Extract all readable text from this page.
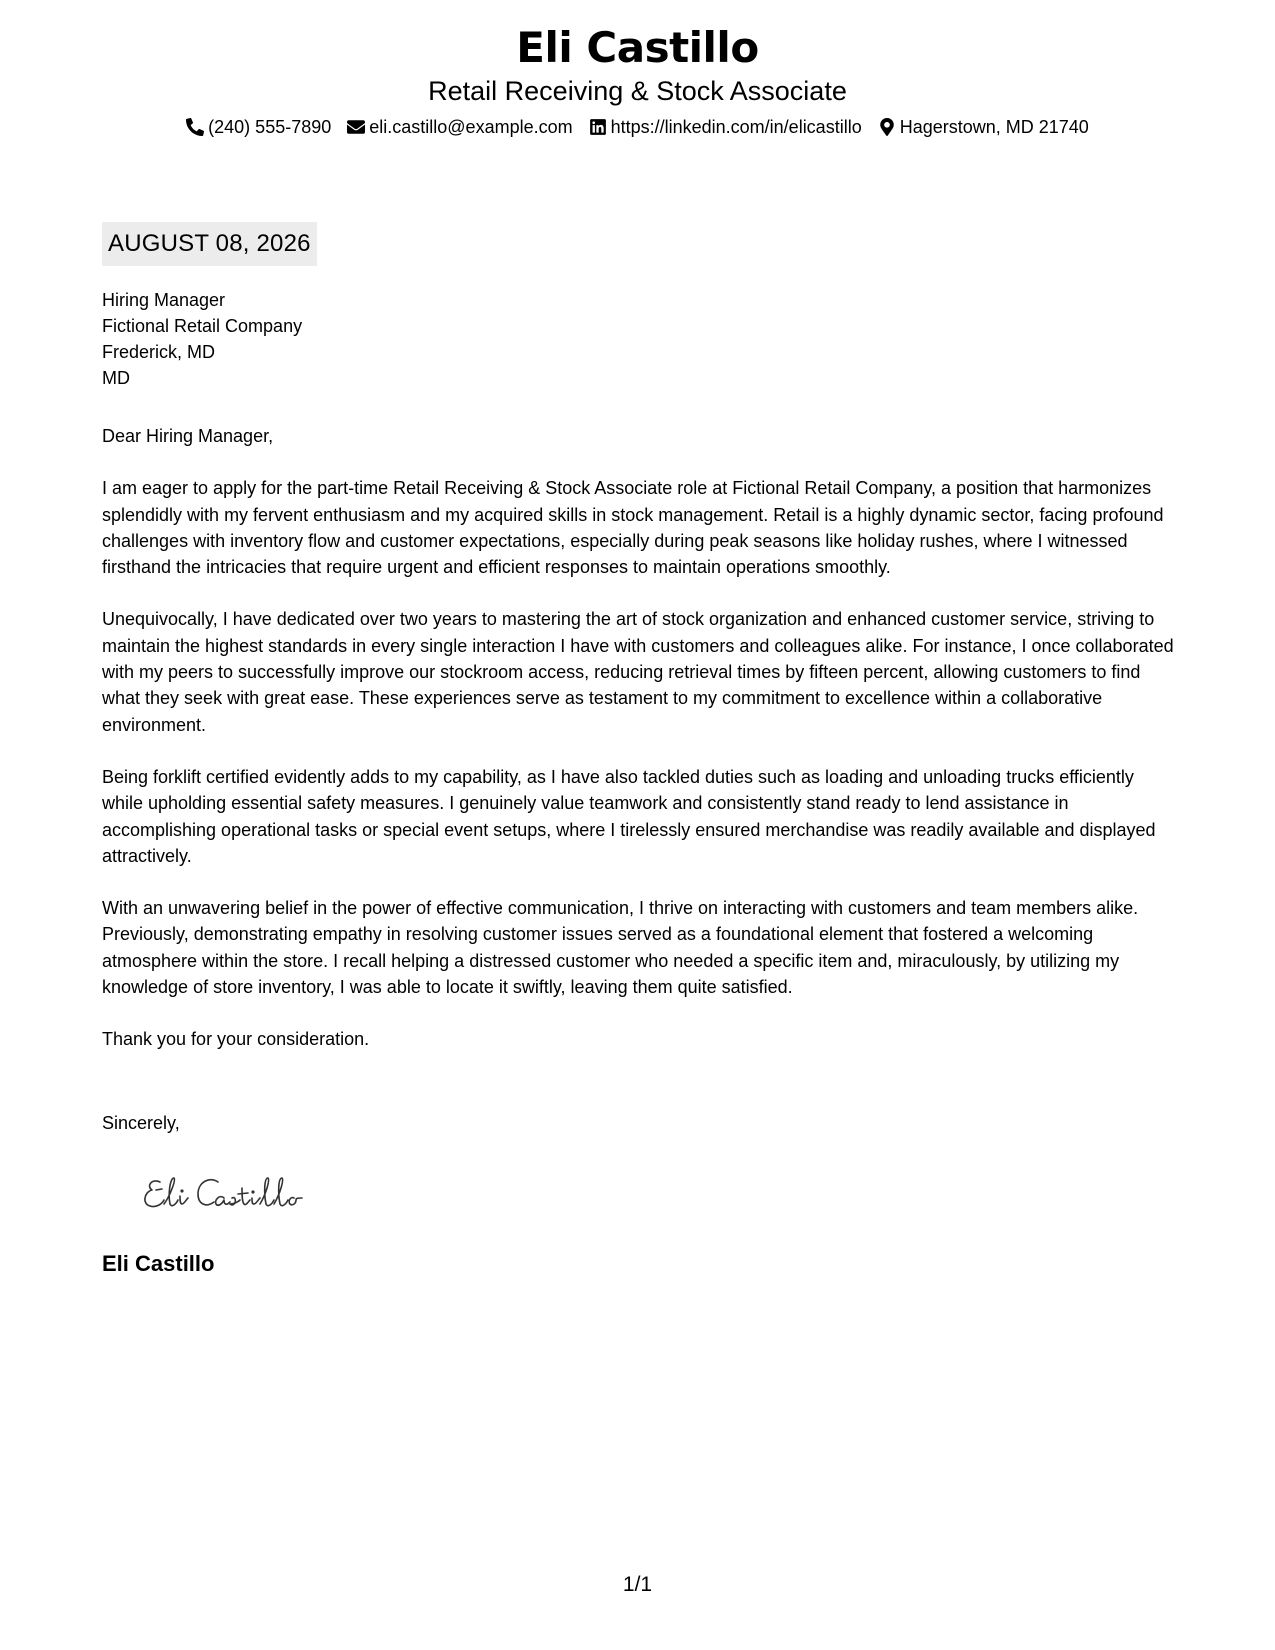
Eli Castillo
Retail Receiving & Stock Associate
(240) 555-7890 eli.castillo@example.com https://linkedin.com/in/elicastillo Hagerstown, MD 21740
AUGUST 08, 2026
Hiring Manager
Fictional Retail Company
Frederick, MD
MD

Dear Hiring Manager,

I am eager to apply for the part-time Retail Receiving & Stock Associate role at Fictional Retail Company, a position that harmonizes splendidly with my fervent enthusiasm and my acquired skills in stock management. Retail is a highly dynamic sector, facing profound challenges with inventory flow and customer expectations, especially during peak seasons like holiday rushes, where I witnessed firsthand the intricacies that require urgent and efficient responses to maintain operations smoothly.

Unequivocally, I have dedicated over two years to mastering the art of stock organization and enhanced customer service, striving to maintain the highest standards in every single interaction I have with customers and colleagues alike. For instance, I once collaborated with my peers to successfully improve our stockroom access, reducing retrieval times by fifteen percent, allowing customers to find what they seek with great ease. These experiences serve as testament to my commitment to excellence within a collaborative environment.

Being forklift certified evidently adds to my capability, as I have also tackled duties such as loading and unloading trucks efficiently while upholding essential safety measures. I genuinely value teamwork and consistently stand ready to lend assistance in accomplishing operational tasks or special event setups, where I tirelessly ensured merchandise was readily available and displayed attractively.

With an unwavering belief in the power of effective communication, I thrive on interacting with customers and team members alike. Previously, demonstrating empathy in resolving customer issues served as a foundational element that fostered a welcoming atmosphere within the store. I recall helping a distressed customer who needed a specific item and, miraculously, by utilizing my knowledge of store inventory, I was able to locate it swiftly, leaving them quite satisfied.

Thank you for your consideration.

Sincerely,
Eli Castillo
1/1
